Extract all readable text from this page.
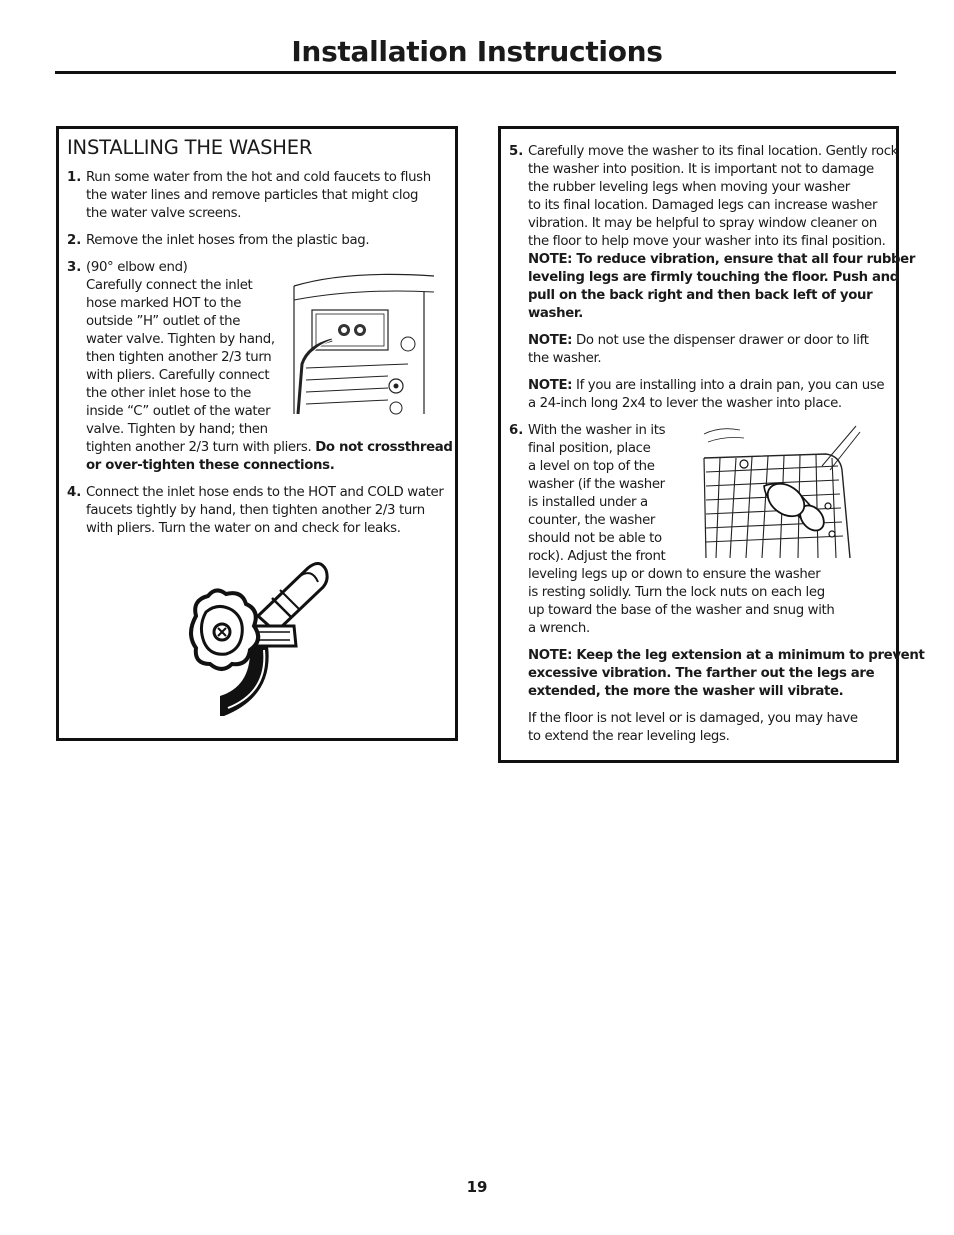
Installation Instructions
INSTALLING THE WASHER
1. Run some water from the hot and cold faucets to flush
the water lines and remove particles that might clog
the water valve screens.
2. Remove the inlet hoses from the plastic bag.
3. (90° elbow end)
Carefully connect the inlet
hose marked HOT to the
outside ”H” outlet of the
water valve. Tighten by hand,
then tighten another 2/3 turn
with pliers. Carefully connect
the other inlet hose to the
inside “C” outlet of the water
valve. Tighten by hand; then
tighten another 2/3 turn with pliers. Do not crossthread
or over-tighten these connections.
4. Connect the inlet hose ends to the HOT and COLD water
faucets tightly by hand, then tighten another 2/3 turn
with pliers. Turn the water on and check for leaks.
5. Carefully move the washer to its final location. Gently rock
the washer into position. It is important not to damage
the rubber leveling legs when moving your washer
to its final location. Damaged legs can increase washer
vibration. It may be helpful to spray window cleaner on
the floor to help move your washer into its final position.
NOTE: To reduce vibration, ensure that all four rubber
leveling legs are firmly touching the floor. Push and
pull on the back right and then back left of your
washer.
NOTE: Do not use the dispenser drawer or door to lift
the washer.
NOTE: If you are installing into a drain pan, you can use
a 24-inch long 2x4 to lever the washer into place.
6. With the washer in its
final position, place
a level on top of the
washer (if the washer
is installed under a
counter, the washer
should not be able to
rock). Adjust the front
leveling legs up or down to ensure the washer
is resting solidly. Turn the lock nuts on each leg
up toward the base of the washer and snug with
a wrench.
NOTE: Keep the leg extension at a minimum to prevent
excessive vibration. The farther out the legs are
extended, the more the washer will vibrate.
If the floor is not level or is damaged, you may have
to extend the rear leveling legs.
19
